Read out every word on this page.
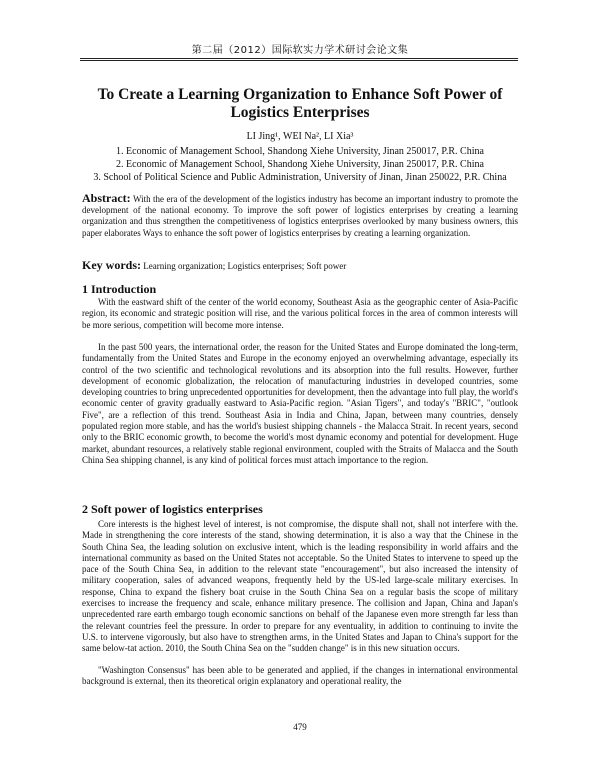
第二届（2012）国际软实力学术研讨会论文集
To Create a Learning Organization to Enhance Soft Power of Logistics Enterprises
LI Jing¹, WEI Na², LI Xia³
1. Economic of Management School, Shandong Xiehe University, Jinan 250017, P.R. China
2. Economic of Management School, Shandong Xiehe University, Jinan 250017, P.R. China
3. School of Political Science and Public Administration, University of Jinan, Jinan 250022, P.R. China
Abstract: With the era of the development of the logistics industry has become an important industry to promote the development of the national economy. To improve the soft power of logistics enterprises by creating a learning organization and thus strengthen the competitiveness of logistics enterprises overlooked by many business owners, this paper elaborates Ways to enhance the soft power of logistics enterprises by creating a learning organization.
Key words: Learning organization; Logistics enterprises; Soft power
1 Introduction

With the eastward shift of the center of the world economy, Southeast Asia as the geographic center of Asia-Pacific region, its economic and strategic position will rise, and the various political forces in the area of common interests will be more serious, competition will become more intense.

In the past 500 years, the international order, the reason for the United States and Europe dominated the long-term, fundamentally from the United States and Europe in the economy enjoyed an overwhelming advantage, especially its control of the two scientific and technological revolutions and its absorption into the full results. However, further development of economic globalization, the relocation of manufacturing industries in developed countries, some developing countries to bring unprecedented opportunities for development, then the advantage into full play, the world's economic center of gravity gradually eastward to Asia-Pacific region. "Asian Tigers", and today's "BRIC", "outlook Five", are a reflection of this trend. Southeast Asia in India and China, Japan, between many countries, densely populated region more stable, and has the world's busiest shipping channels - the Malacca Strait. In recent years, second only to the BRIC economic growth, to become the world's most dynamic economy and potential for development. Huge market, abundant resources, a relatively stable regional environment, coupled with the Straits of Malacca and the South China Sea shipping channel, is any kind of political forces must attach importance to the region.

2 Soft power of logistics enterprises

Core interests is the highest level of interest, is not compromise, the dispute shall not, shall not interfere with the. Made in strengthening the core interests of the stand, showing determination, it is also a way that the Chinese in the South China Sea, the leading solution on exclusive intent, which is the leading responsibility in world affairs and the international community as based on the United States not acceptable. So the United States to intervene to speed up the pace of the South China Sea, in addition to the relevant state "encouragement", but also increased the intensity of military cooperation, sales of advanced weapons, frequently held by the US-led large-scale military exercises. In response, China to expand the fishery boat cruise in the South China Sea on a regular basis the scope of military exercises to increase the frequency and scale, enhance military presence. The collision and Japan, China and Japan's unprecedented rare earth embargo tough economic sanctions on behalf of the Japanese even more strength far less than the relevant countries feel the pressure. In order to prepare for any eventuality, in addition to continuing to invite the U.S. to intervene vigorously, but also have to strengthen arms, in the United States and Japan to China's support for the same below-tat action. 2010, the South China Sea on the "sudden change" is in this new situation occurs.

"Washington Consensus" has been able to be generated and applied, if the changes in international environmental background is external, then its theoretical origin explanatory and operational reality, the

479
